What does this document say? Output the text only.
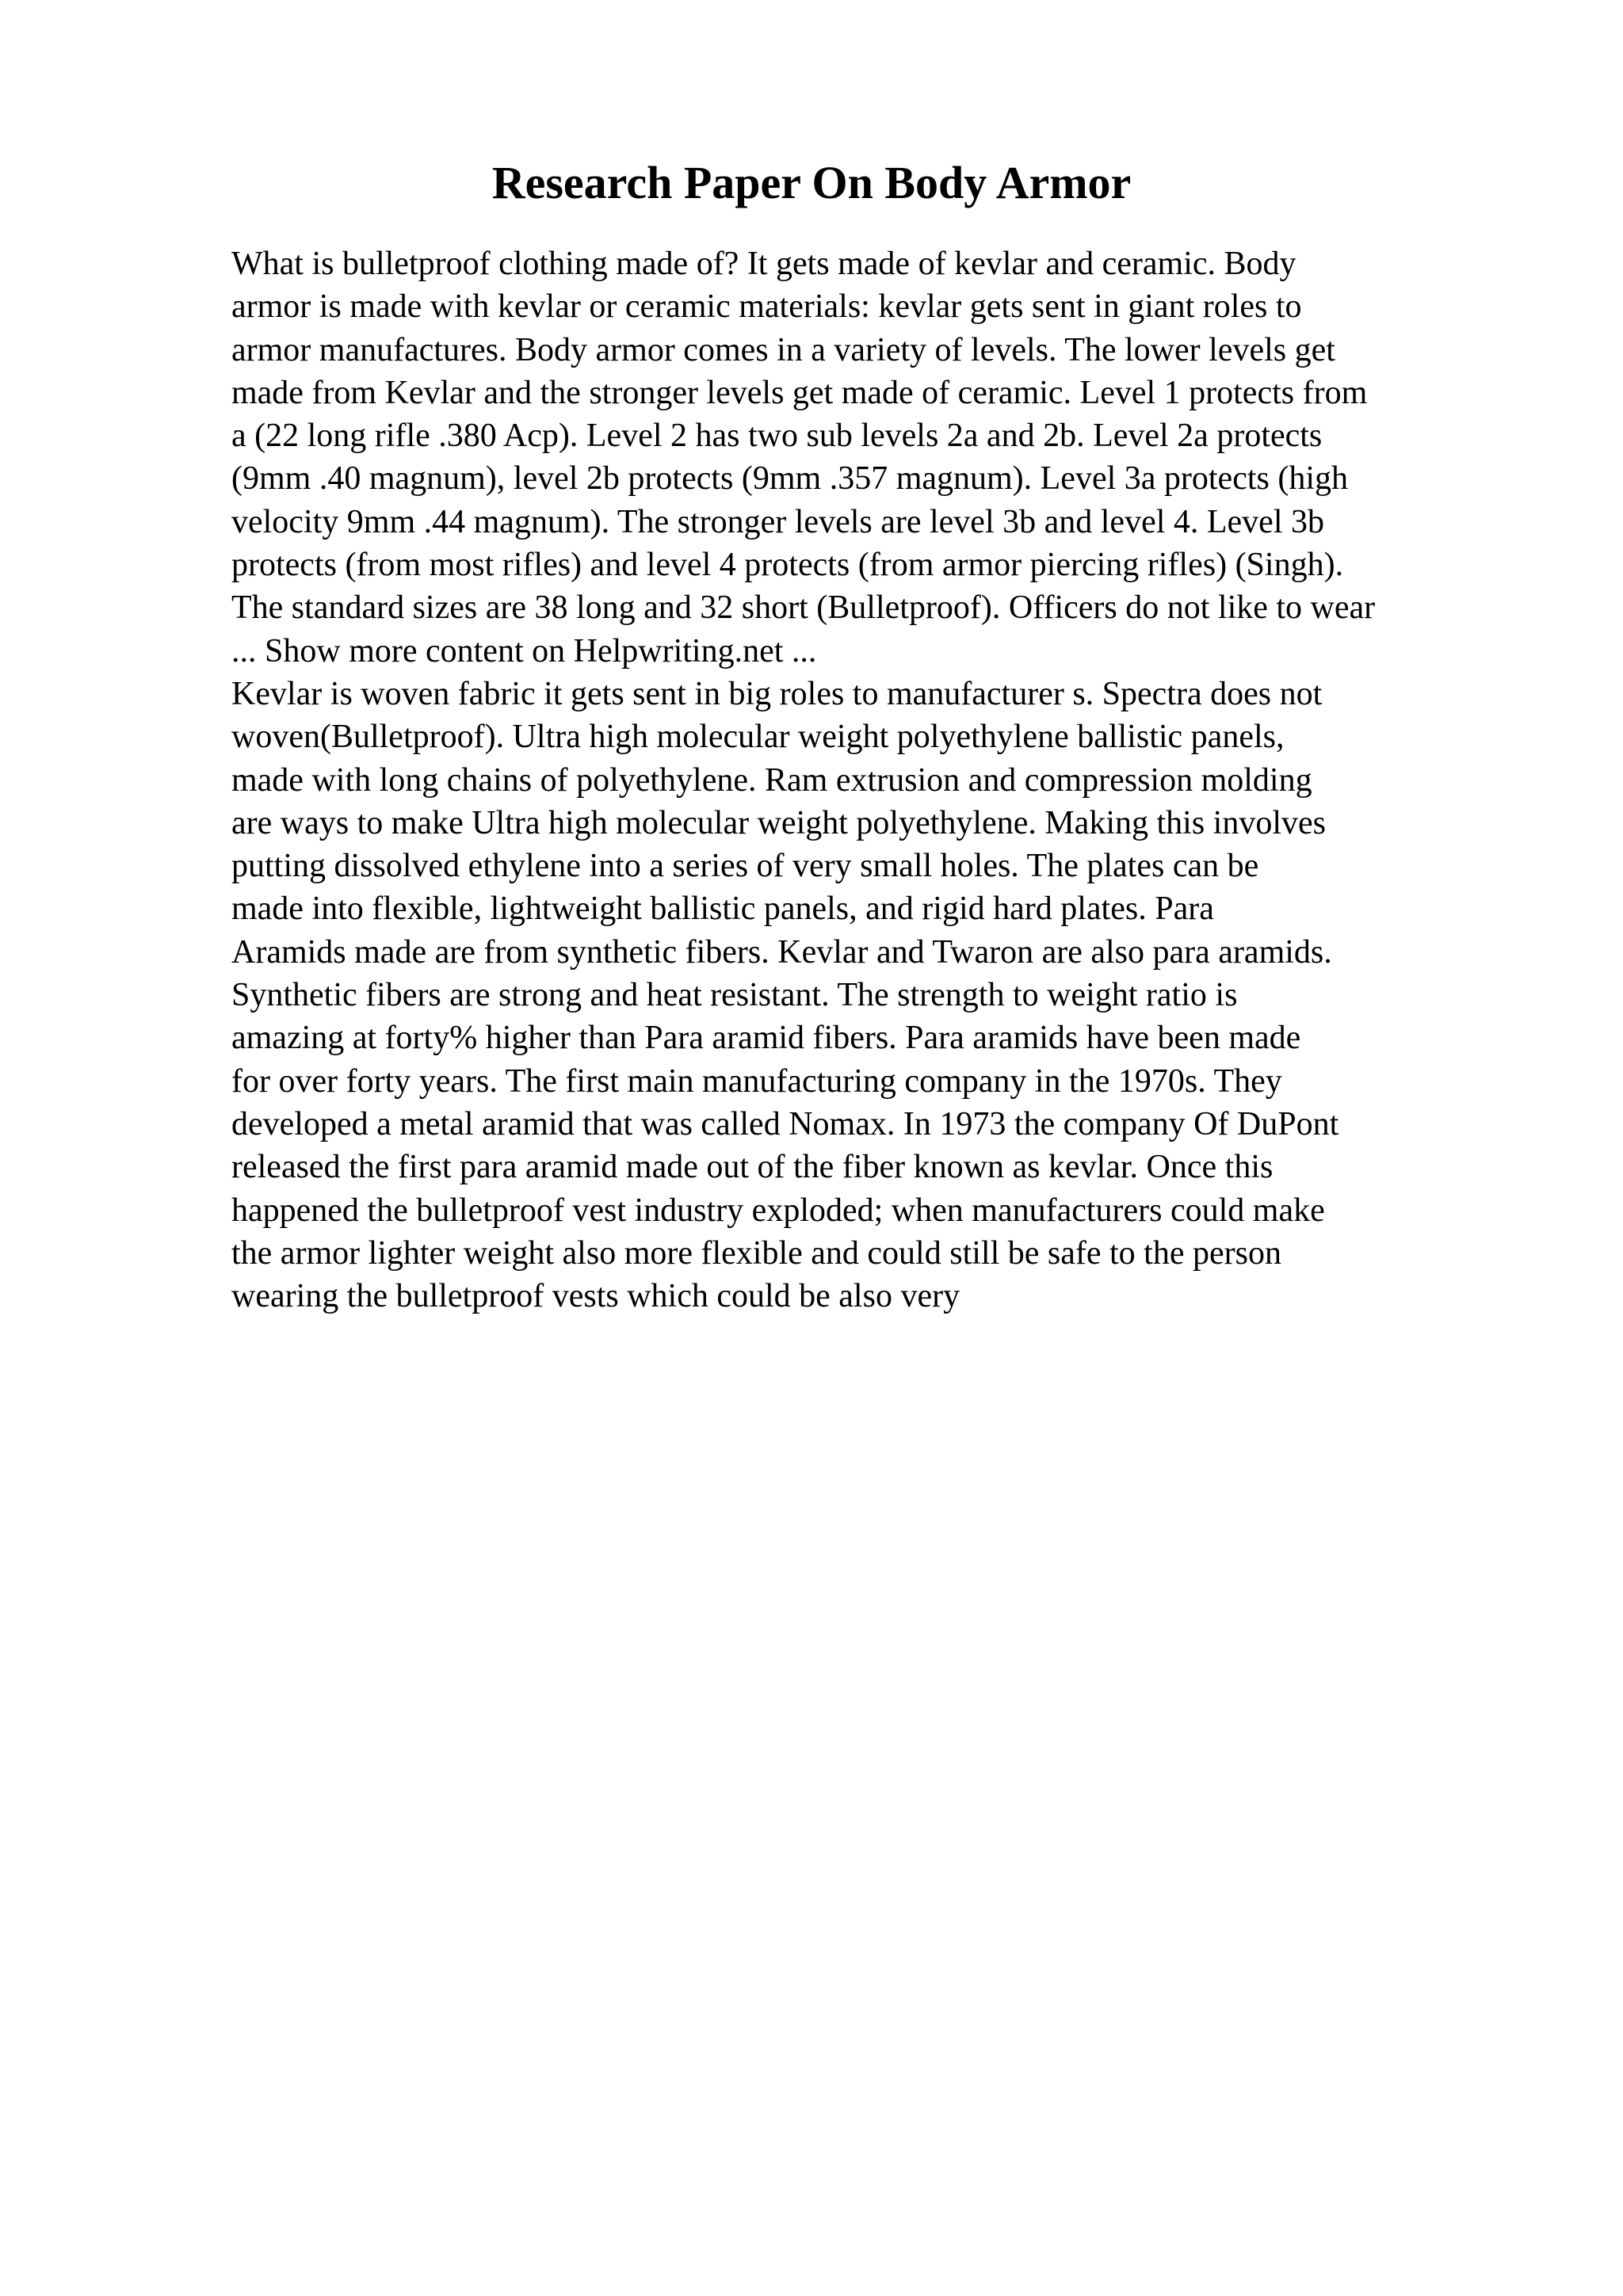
Research Paper On Body Armor
What is bulletproof clothing made of? It gets made of kevlar and ceramic. Body
armor is made with kevlar or ceramic materials: kevlar gets sent in giant roles to
armor manufactures. Body armor comes in a variety of levels. The lower levels get
made from Kevlar and the stronger levels get made of ceramic. Level 1 protects from
a (22 long rifle .380 Acp). Level 2 has two sub levels 2a and 2b. Level 2a protects
(9mm .40 magnum), level 2b protects (9mm .357 magnum). Level 3a protects (high
velocity 9mm .44 magnum). The stronger levels are level 3b and level 4. Level 3b
protects (from most rifles) and level 4 protects (from armor piercing rifles) (Singh).
The standard sizes are 38 long and 32 short (Bulletproof). Officers do not like to wear
... Show more content on Helpwriting.net ...
Kevlar is woven fabric it gets sent in big roles to manufacturer s. Spectra does not
woven(Bulletproof). Ultra high molecular weight polyethylene ballistic panels,
made with long chains of polyethylene. Ram extrusion and compression molding
are ways to make Ultra high molecular weight polyethylene. Making this involves
putting dissolved ethylene into a series of very small holes. The plates can be
made into flexible, lightweight ballistic panels, and rigid hard plates. Para
Aramids made are from synthetic fibers. Kevlar and Twaron are also para aramids.
Synthetic fibers are strong and heat resistant. The strength to weight ratio is
amazing at forty% higher than Para aramid fibers. Para aramids have been made
for over forty years. The first main manufacturing company in the 1970s. They
developed a metal aramid that was called Nomax. In 1973 the company Of DuPont
released the first para aramid made out of the fiber known as kevlar. Once this
happened the bulletproof vest industry exploded; when manufacturers could make
the armor lighter weight also more flexible and could still be safe to the person
wearing the bulletproof vests which could be also very
